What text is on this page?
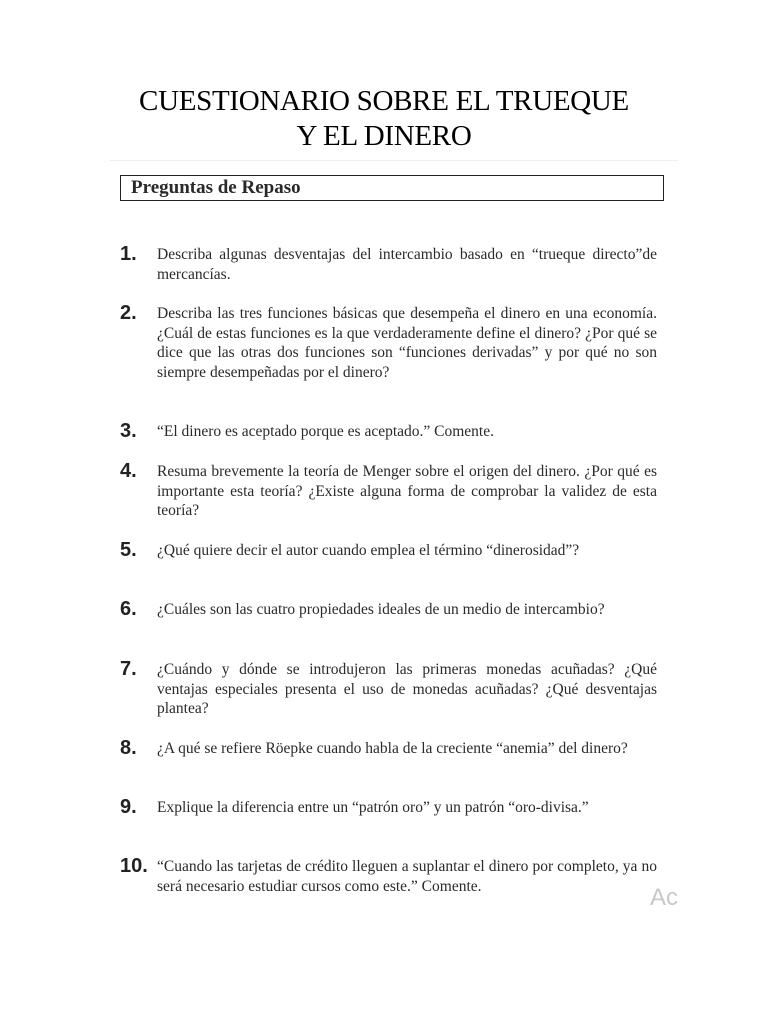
CUESTIONARIO SOBRE EL TRUEQUE
Y EL DINERO
Preguntas de Repaso
1. Describa algunas desventajas del intercambio basado en “trueque directo”de mercancías.
2. Describa las tres funciones básicas que desempeña el dinero en una economía. ¿Cuál de estas funciones es la que verdaderamente define el dinero? ¿Por qué se dice que las otras dos funciones son “funciones derivadas” y por qué no son siempre desempeñadas por el dinero?
3. “El dinero es aceptado porque es aceptado.” Comente.
4. Resuma brevemente la teoría de Menger sobre el origen del dinero. ¿Por qué es importante esta teoría? ¿Existe alguna forma de comprobar la validez de esta teoría?
5. ¿Qué quiere decir el autor cuando emplea el término “dinerosidad”?
6. ¿Cuáles son las cuatro propiedades ideales de un medio de intercambio?
7. ¿Cuándo y dónde se introdujeron las primeras monedas acuñadas? ¿Qué ventajas especiales presenta el uso de monedas acuñadas? ¿Qué desventajas plantea?
8. ¿A qué se refiere Röepke cuando habla de la creciente “anemia” del dinero?
9. Explique la diferencia entre un “patrón oro” y un patrón “oro-divisa.”
10. “Cuando las tarjetas de crédito lleguen a suplantar el dinero por completo, ya no será necesario estudiar cursos como este.” Comente.	Ac
